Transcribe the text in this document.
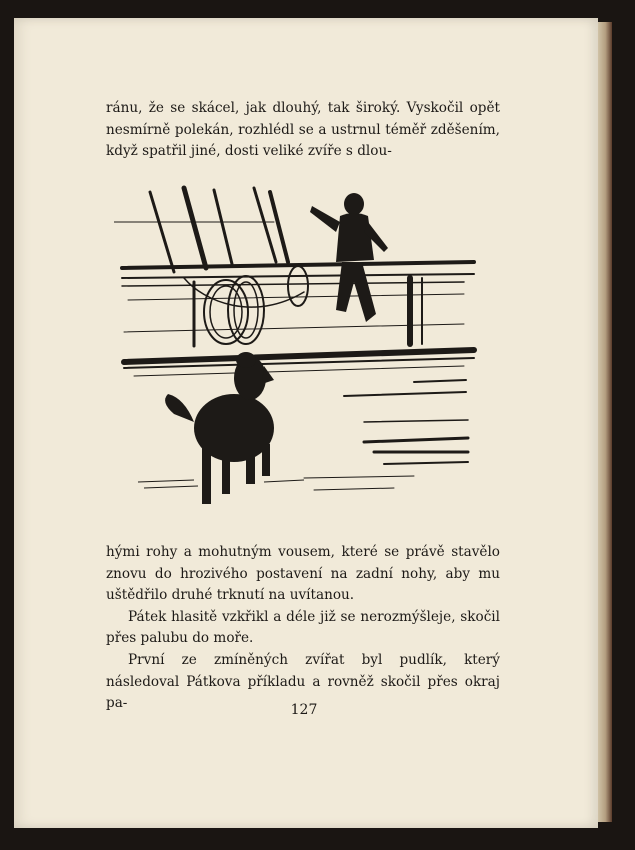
ránu, že se skácel, jak dlouhý, tak široký. Vyskočil opět nesmírně polekán, rozhlédl se a ustrnul téměř zděšením, když spatřil jiné, dosti veliké zvíře s dlou-

hými rohy a mohutným vousem, které se právě stavělo znovu do hrozivého postavení na zadní nohy, aby mu uštědřilo druhé trknutí na uvítanou.

Pátek hlasitě vzkřikl a déle již se nerozmýšleje, skočil přes palubu do moře.

První ze zmíněných zvířat byl pudlík, který následoval Pátkova příkladu a rovněž skočil přes okraj pa-	127
